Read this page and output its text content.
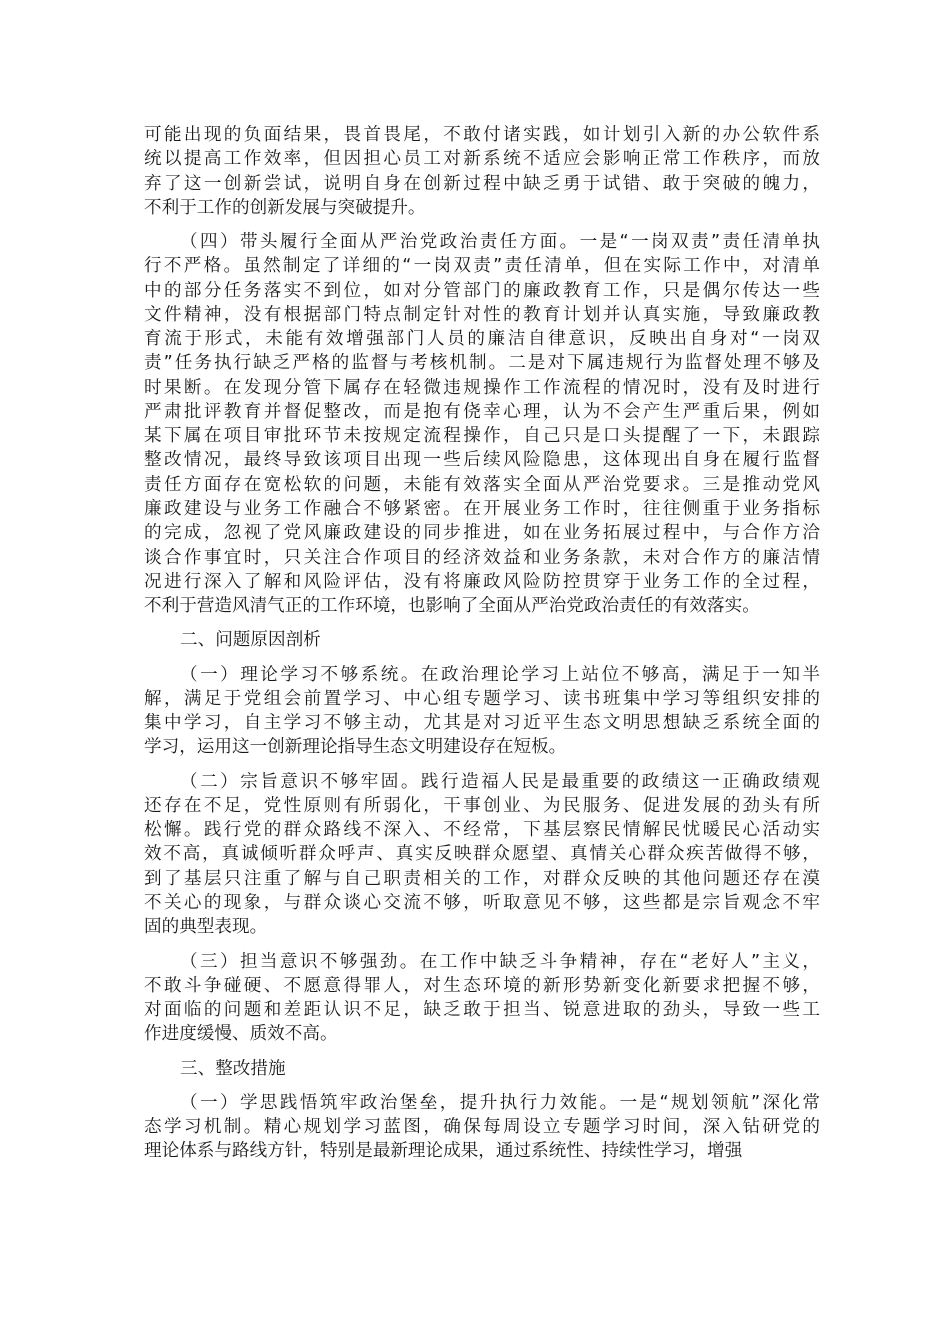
可能出现的负面结果，畏首畏尾，不敢付诸实践，如计划引入新的办公软件系
统以提高工作效率，但因担心员工对新系统不适应会影响正常工作秩序，而放
弃了这一创新尝试，说明自身在创新过程中缺乏勇于试错、敢于突破的魄力，
不利于工作的创新发展与突破提升。
（四）带头履行全面从严治党政治责任方面。一是“一岗双责”责任清单执
行不严格。虽然制定了详细的“一岗双责”责任清单，但在实际工作中，对清单
中的部分任务落实不到位，如对分管部门的廉政教育工作，只是偶尔传达一些
文件精神，没有根据部门特点制定针对性的教育计划并认真实施，导致廉政教
育流于形式，未能有效增强部门人员的廉洁自律意识，反映出自身对“一岗双
责”任务执行缺乏严格的监督与考核机制。二是对下属违规行为监督处理不够及
时果断。在发现分管下属存在轻微违规操作工作流程的情况时，没有及时进行
严肃批评教育并督促整改，而是抱有侥幸心理，认为不会产生严重后果，例如
某下属在项目审批环节未按规定流程操作，自己只是口头提醒了一下，未跟踪
整改情况，最终导致该项目出现一些后续风险隐患，这体现出自身在履行监督
责任方面存在宽松软的问题，未能有效落实全面从严治党要求。三是推动党风
廉政建设与业务工作融合不够紧密。在开展业务工作时，往往侧重于业务指标
的完成，忽视了党风廉政建设的同步推进，如在业务拓展过程中，与合作方洽
谈合作事宜时，只关注合作项目的经济效益和业务条款，未对合作方的廉洁情
况进行深入了解和风险评估，没有将廉政风险防控贯穿于业务工作的全过程，
不利于营造风清气正的工作环境，也影响了全面从严治党政治责任的有效落实。
二、问题原因剖析
（一）理论学习不够系统。在政治理论学习上站位不够高，满足于一知半
解，满足于党组会前置学习、中心组专题学习、读书班集中学习等组织安排的
集中学习，自主学习不够主动，尤其是对习近平生态文明思想缺乏系统全面的
学习，运用这一创新理论指导生态文明建设存在短板。
（二）宗旨意识不够牢固。践行造福人民是最重要的政绩这一正确政绩观
还存在不足，党性原则有所弱化，干事创业、为民服务、促进发展的劲头有所
松懈。践行党的群众路线不深入、不经常，下基层察民情解民忧暖民心活动实
效不高，真诚倾听群众呼声、真实反映群众愿望、真情关心群众疾苦做得不够，
到了基层只注重了解与自己职责相关的工作，对群众反映的其他问题还存在漠
不关心的现象，与群众谈心交流不够，听取意见不够，这些都是宗旨观念不牢
固的典型表现。
（三）担当意识不够强劲。在工作中缺乏斗争精神，存在“老好人”主义，
不敢斗争碰硬、不愿意得罪人，对生态环境的新形势新变化新要求把握不够，
对面临的问题和差距认识不足，缺乏敢于担当、锐意进取的劲头，导致一些工
作进度缓慢、质效不高。
三、整改措施
（一）学思践悟筑牢政治堡垒，提升执行力效能。一是“规划领航”深化常
态学习机制。精心规划学习蓝图，确保每周设立专题学习时间，深入钻研党的
理论体系与路线方针，特别是最新理论成果，通过系统性、持续性学习，增强
